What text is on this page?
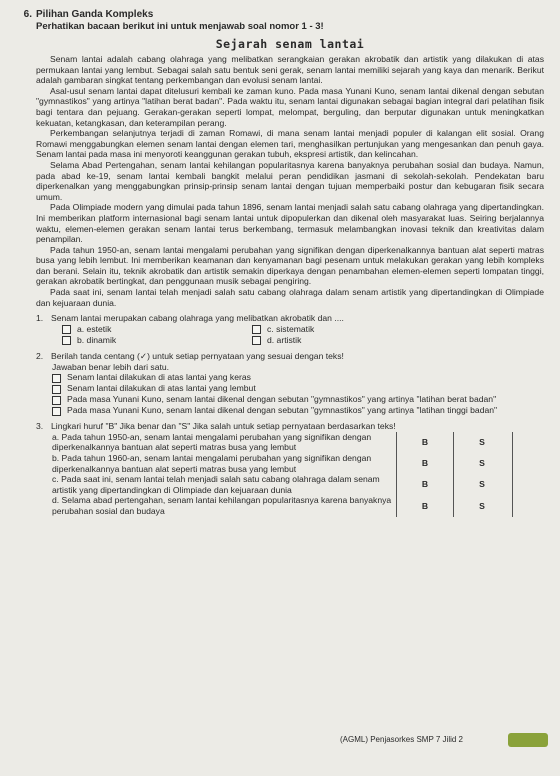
6. Pilihan Ganda Kompleks
Perhatikan bacaan berikut ini untuk menjawab soal nomor 1 - 3!
Sejarah senam lantai

Senam lantai adalah cabang olahraga yang melibatkan serangkaian gerakan akrobatik dan artistik yang dilakukan di atas permukaan lantai yang lembut. Sebagai salah satu bentuk seni gerak, senam lantai memiliki sejarah yang kaya dan menarik. Berikut adalah gambaran singkat tentang perkembangan dan evolusi senam lantai.

Asal-usul senam lantai dapat ditelusuri kembali ke zaman kuno. Pada masa Yunani Kuno, senam lantai dikenal dengan sebutan "gymnastikos" yang artinya "latihan berat badan". Pada waktu itu, senam lantai digunakan sebagai bagian integral dari pelatihan fisik bagi tentara dan pejuang. Gerakan-gerakan seperti lompat, melompat, berguling, dan berputar digunakan untuk meningkatkan kekuatan, ketangkasan, dan keterampilan perang.

Perkembangan selanjutnya terjadi di zaman Romawi, di mana senam lantai menjadi populer di kalangan elit sosial. Orang Romawi menggabungkan elemen senam lantai dengan elemen tari, menghasilkan pertunjukan yang mengesankan dan penuh gaya. Senam lantai pada masa ini menyoroti keanggunan gerakan tubuh, ekspresi artistik, dan kelincahan.

Selama Abad Pertengahan, senam lantai kehilangan popularitasnya karena banyaknya perubahan sosial dan budaya. Namun, pada abad ke-19, senam lantai kembali bangkit melalui peran pendidikan jasmani di sekolah-sekolah. Pendekatan baru diperkenalkan yang menggabungkan prinsip-prinsip senam lantai dengan tujuan memperbaiki postur dan kebugaran fisik secara umum.

Pada Olimpiade modern yang dimulai pada tahun 1896, senam lantai menjadi salah satu cabang olahraga yang dipertandingkan. Ini memberikan platform internasional bagi senam lantai untuk dipopulerkan dan dikenal oleh masyarakat luas. Seiring berjalannya waktu, elemen-elemen gerakan senam lantai terus berkembang, termasuk melambangkan inovasi teknik dan kreativitas dalam penampilan.

Pada tahun 1950-an, senam lantai mengalami perubahan yang signifikan dengan diperkenalkannya bantuan alat seperti matras busa yang lebih lembut. Ini memberikan keamanan dan kenyamanan bagi pesenam untuk melakukan gerakan yang lebih kompleks dan berani. Selain itu, teknik akrobatik dan artistik semakin diperkaya dengan penambahan elemen-elemen seperti lompatan tinggi, gerakan akrobatik bertingkat, dan penggunaan musik sebagai pengiring.

Pada saat ini, senam lantai telah menjadi salah satu cabang olahraga dalam senam artistik yang dipertandingkan di Olimpiade dan kejuaraan dunia.

1. Senam lantai merupakan cabang olahraga yang melibatkan akrobatik dan ....
a. estetik	c. sistematik
b. dinamik	d. artistik
2. Berilah tanda centang (✓) untuk setiap pernyataan yang sesuai dengan teks!
Jawaban benar lebih dari satu.
Senam lantai dilakukan di atas lantai yang keras
Senam lantai dilakukan di atas lantai yang lembut
Pada masa Yunani Kuno, senam lantai dikenal dengan sebutan "gymnastikos" yang artinya "latihan berat badan"
Pada masa Yunani Kuno, senam lantai dikenal dengan sebutan "gymnastikos" yang artinya "latihan tinggi badan"
3. Lingkari huruf "B" Jika benar dan "S" Jika salah untuk setiap pernyataan berdasarkan teks!
a. Pada tahun 1950-an, senam lantai mengalami perubahan yang signifikan dengan diperkenalkannya bantuan alat seperti matras busa yang lembut
B	S
b. Pada tahun 1960-an, senam lantai mengalami perubahan yang signifikan dengan diperkenalkannya bantuan alat seperti matras busa yang lembut
B	S
c. Pada saat ini, senam lantai telah menjadi salah satu cabang olahraga dalam senam artistik yang dipertandingkan di Olimpiade dan kejuaraan dunia
B	S
d. Selama abad pertengahan, senam lantai kehilangan popularitasnya karena banyaknya perubahan sosial dan budaya
B	S
(AGML) Penjasorkes SMP 7 Jilid 2
